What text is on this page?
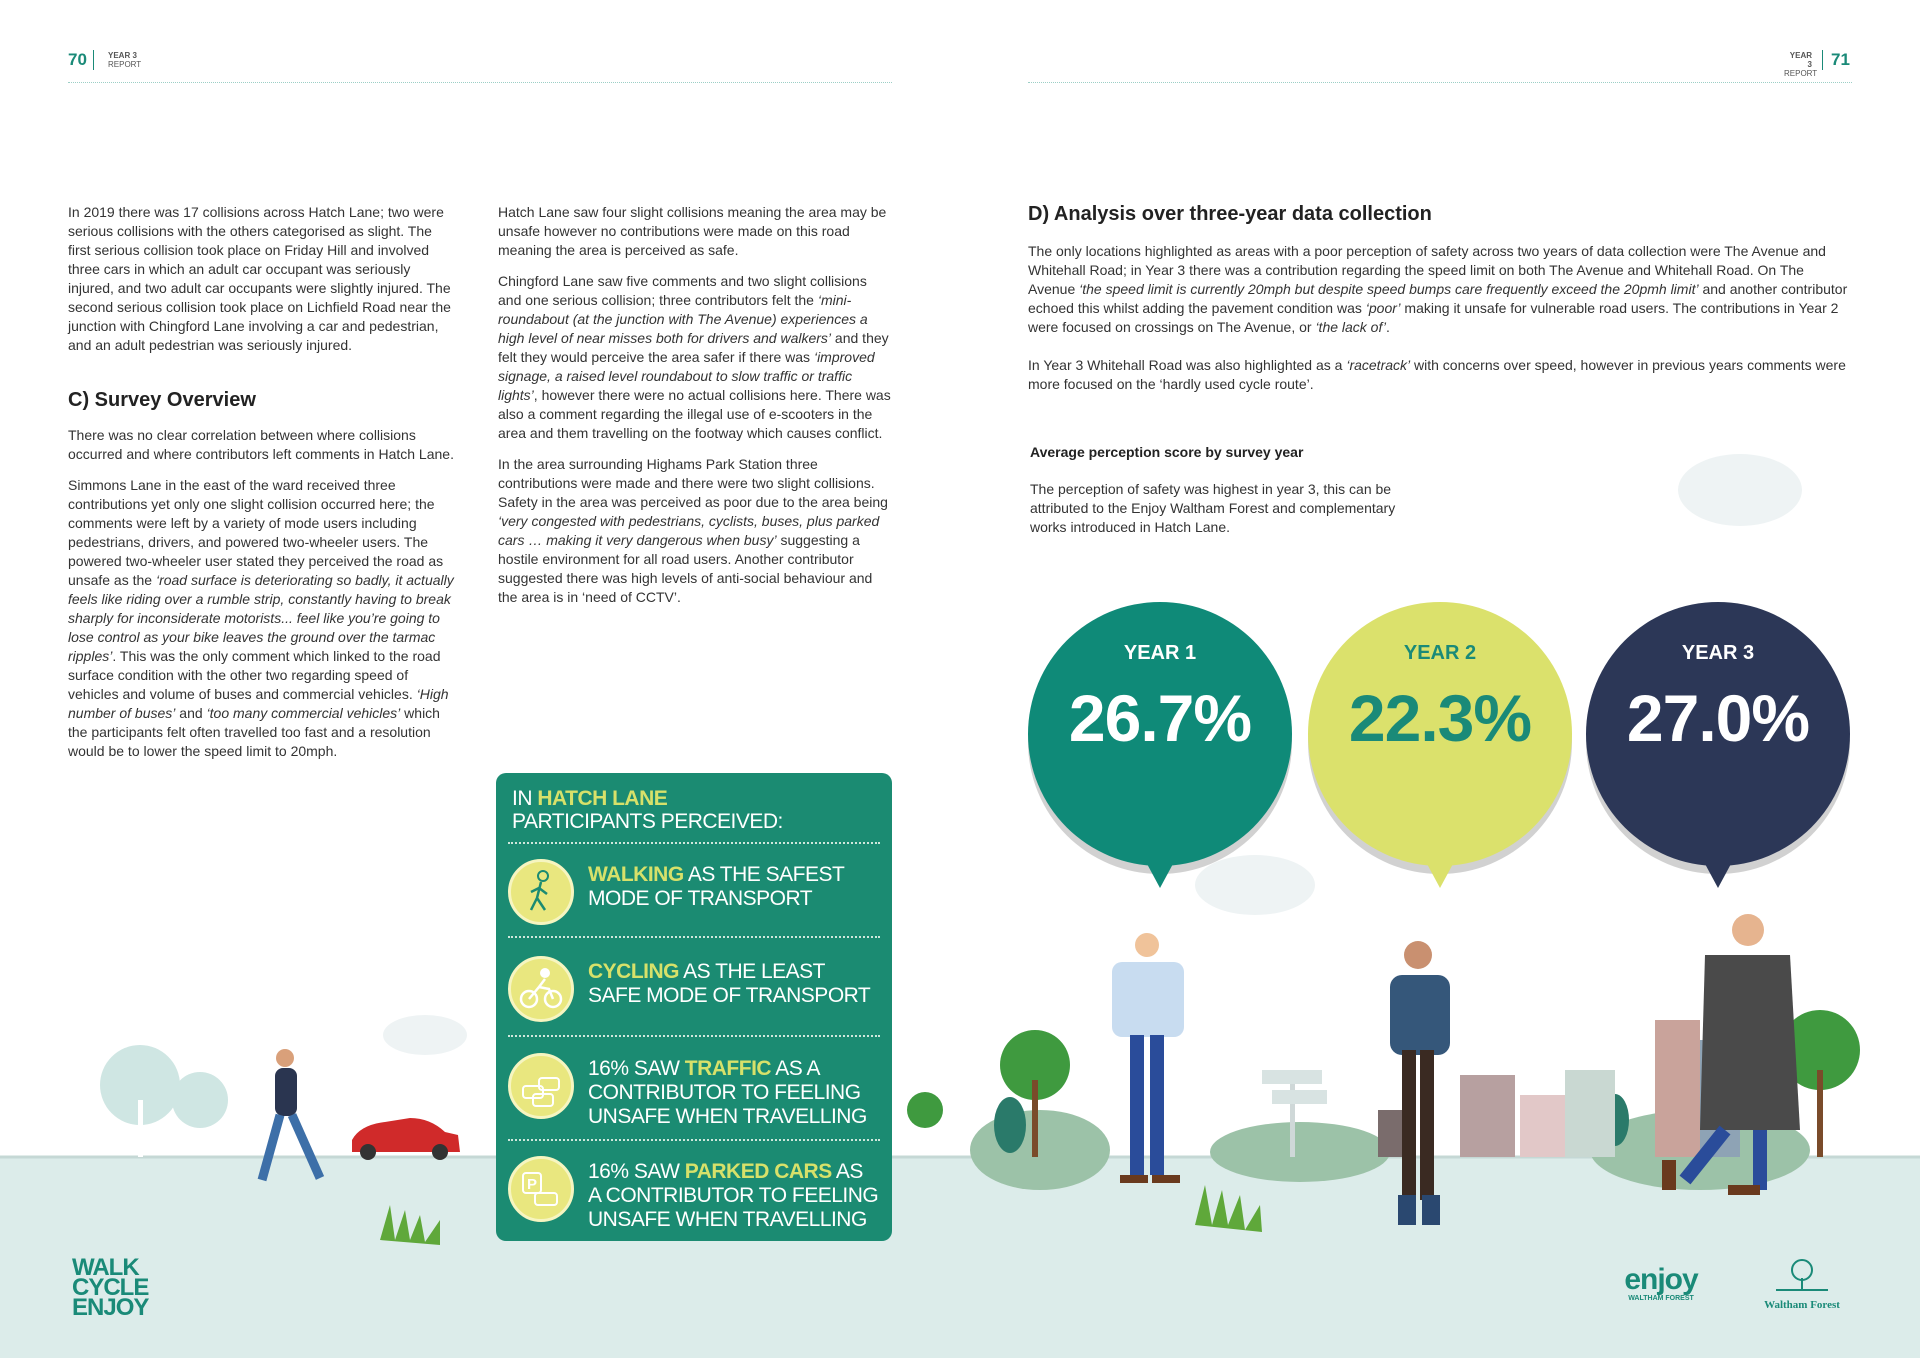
70	YEAR 3
REPORT
YEAR 3
REPORT
71

In 2019 there was 17 collisions across Hatch Lane; two were serious collisions with the others categorised as slight. The first serious collision took place on Friday Hill and involved three cars in which an adult car occupant was seriously injured, and two adult car occupants were slightly injured. The second serious collision took place on Lichfield Road near the junction with Chingford Lane involving a car and pedestrian, and an adult pedestrian was seriously injured.

C) Survey Overview

There was no clear correlation between where collisions occurred and where contributors left comments in Hatch Lane.

Simmons Lane in the east of the ward received three contributions yet only one slight collision occurred here; the comments were left by a variety of mode users including pedestrians, drivers, and powered two-wheeler users. The powered two-wheeler user stated they perceived the road as unsafe as the ‘road surface is deteriorating so badly, it actually feels like riding over a rumble strip, constantly having to break sharply for inconsiderate motorists... feel like you’re going to lose control as your bike leaves the ground over the tarmac ripples’. This was the only comment which linked to the road surface condition with the other two regarding speed of vehicles and volume of buses and commercial vehicles. ‘High number of buses’ and ‘too many commercial vehicles’ which the participants felt often travelled too fast and a resolution would be to lower the speed limit to 20mph.

Hatch Lane saw four slight collisions meaning the area may be unsafe however no contributions were made on this road meaning the area is perceived as safe.

Chingford Lane saw five comments and two slight collisions and one serious collision; three contributors felt the ‘mini- roundabout (at the junction with The Avenue) experiences a high level of near misses both for drivers and walkers’ and they felt they would perceive the area safer if there was ‘improved signage, a raised level roundabout to slow traffic or traffic lights’, however there were no actual collisions here. There was also a comment regarding the illegal use of e-scooters in the area and them travelling on the footway which causes conflict.

In the area surrounding Highams Park Station three contributions were made and there were two slight collisions. Safety in the area was perceived as poor due to the area being ‘very congested with pedestrians, cyclists, buses, plus parked cars … making it very dangerous when busy’ suggesting a hostile environment for all road users. Another contributor suggested there was high levels of anti-social behaviour and the area is in ‘need of CCTV’.

IN HATCH LANE
PARTICIPANTS PERCEIVED:
WALKING AS THE SAFEST
MODE OF TRANSPORT
CYCLING AS THE LEAST
SAFE MODE OF TRANSPORT
16% SAW TRAFFIC AS A
CONTRIBUTOR TO FEELING
UNSAFE WHEN TRAVELLING
P
16% SAW PARKED CARS AS
A CONTRIBUTOR TO FEELING
UNSAFE WHEN TRAVELLING
D) Analysis over three-year data collection

The only locations highlighted as areas with a poor perception of safety across two years of data collection were The Avenue and Whitehall Road; in Year 3 there was a contribution regarding the speed limit on both The Avenue and Whitehall Road. On The Avenue ‘the speed limit is currently 20mph but despite speed bumps care frequently exceed the 20pmh limit’ and another contributor echoed this whilst adding the pavement condition was ‘poor’ making it unsafe for vulnerable road users. The contributions in Year 2 were focused on crossings on The Avenue, or ‘the lack of’.

In Year 3 Whitehall Road was also highlighted as a ‘racetrack’ with concerns over speed, however in previous years comments were more focused on the ‘hardly used cycle route’.

Average perception score by survey year

The perception of safety was highest in year 3, this can be attributed to the Enjoy Waltham Forest and complementary works introduced in Hatch Lane.

YEAR 1
26.7%
YEAR 2
22.3%
YEAR 3
27.0%
WALK
CYCLE
ENJOY
enjoy
WALTHAM FOREST
Waltham Forest
